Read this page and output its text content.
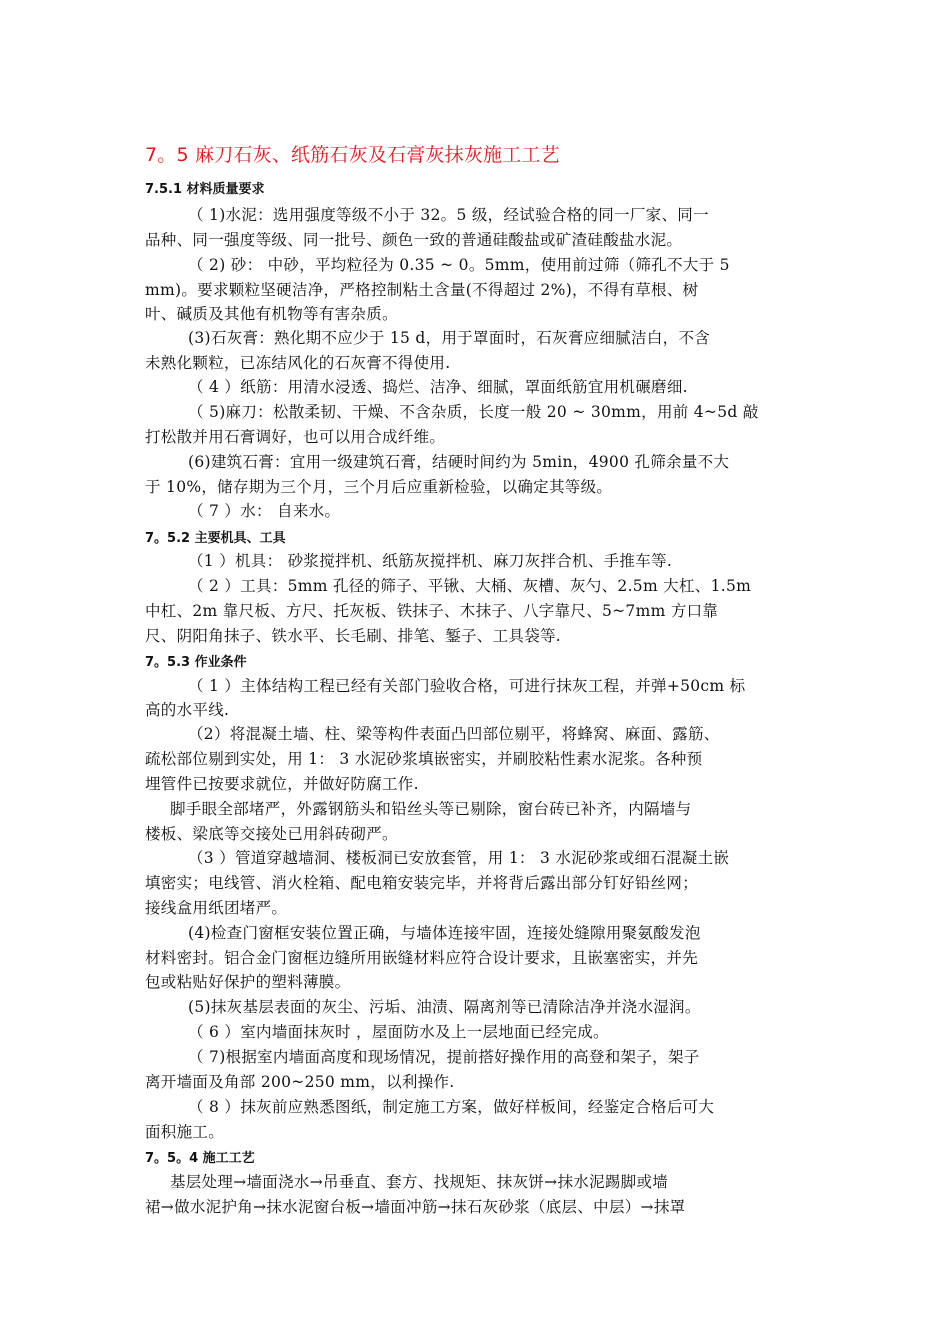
7。5 麻刀石灰、纸筋石灰及石膏灰抹灰施工工艺
7.5.1 材料质量要求
（ 1)水泥：选用强度等级不小于 32。5 级，经试验合格的同一厂家、同一
品种、同一强度等级、同一批号、颜色一致的普通硅酸盐或矿渣硅酸盐水泥。
（ 2) 砂： 中砂，平均粒径为 0.35 ~ 0。5mm，使用前过筛（筛孔不大于 5
mm)。要求颗粒坚硬洁净，严格控制粘土含量(不得超过 2%)，不得有草根、树
叶、碱质及其他有机物等有害杂质。
(3)石灰膏：熟化期不应少于 15 d，用于罩面时，石灰膏应细腻洁白，不含
未熟化颗粒，已冻结风化的石灰膏不得使用.
（ 4 ）纸筋：用清水浸透、捣烂、洁净、细腻，罩面纸筋宜用机碾磨细.
（ 5)麻刀：松散柔韧、干燥、不含杂质，长度一般 20 ~ 30mm，用前 4~5d 敲
打松散并用石膏调好，也可以用合成纤维。
(6)建筑石膏：宜用一级建筑石膏，结硬时间约为 5min，4900 孔筛余量不大
于 10%，储存期为三个月，三个月后应重新检验，以确定其等级。
（ 7 ）水： 自来水。
7。5.2 主要机具、工具
（1 ）机具： 砂浆搅拌机、纸筋灰搅拌机、麻刀灰拌合机、手推车等.
（ 2 ）工具：5mm 孔径的筛子、平锹、大桶、灰槽、灰勺、2.5m 大杠、1.5m
中杠、2m 靠尺板、方尺、托灰板、铁抹子、木抹子、八字靠尺、5~7mm 方口靠
尺、阴阳角抹子、铁水平、长毛刷、排笔、錾子、工具袋等.
7。5.3 作业条件
（ 1 ）主体结构工程已经有关部门验收合格，可进行抹灰工程，并弹+50cm 标
高的水平线.
（2）将混凝土墙、柱、梁等构件表面凸凹部位剔平，将蜂窝、麻面、露筋、
疏松部位剔到实处，用 1： 3 水泥砂浆填嵌密实，并刷胶粘性素水泥浆。各种预
埋管件已按要求就位，并做好防腐工作.
脚手眼全部堵严，外露钢筋头和铅丝头等已剔除，窗台砖已补齐，内隔墙与
楼板、梁底等交接处已用斜砖砌严。
（3 ）管道穿越墙洞、楼板洞已安放套管，用 1： 3 水泥砂浆或细石混凝土嵌
填密实；电线管、消火栓箱、配电箱安装完毕，并将背后露出部分钉好铅丝网；
接线盒用纸团堵严。
(4)检查门窗框安装位置正确，与墙体连接牢固，连接处缝隙用聚氨酸发泡
材料密封。铝合金门窗框边缝所用嵌缝材料应符合设计要求，且嵌塞密实，并先
包或粘贴好保护的塑料薄膜。
(5)抹灰基层表面的灰尘、污垢、油渍、隔离剂等已清除洁净并浇水湿润。
（ 6 ）室内墙面抹灰时 ，屋面防水及上一层地面已经完成。
（ 7)根据室内墙面高度和现场情况，提前搭好操作用的高登和架子，架子
离开墙面及角部 200~250 mm，以利操作.
（ 8 ）抹灰前应熟悉图纸，制定施工方案，做好样板间，经鉴定合格后可大
面积施工。
7。5。4 施工工艺
基层处理→墙面浇水→吊垂直、套方、找规矩、抹灰饼→抹水泥踢脚或墙
裙→做水泥护角→抹水泥窗台板→墙面冲筋→抹石灰砂浆（底层、中层）→抹罩
